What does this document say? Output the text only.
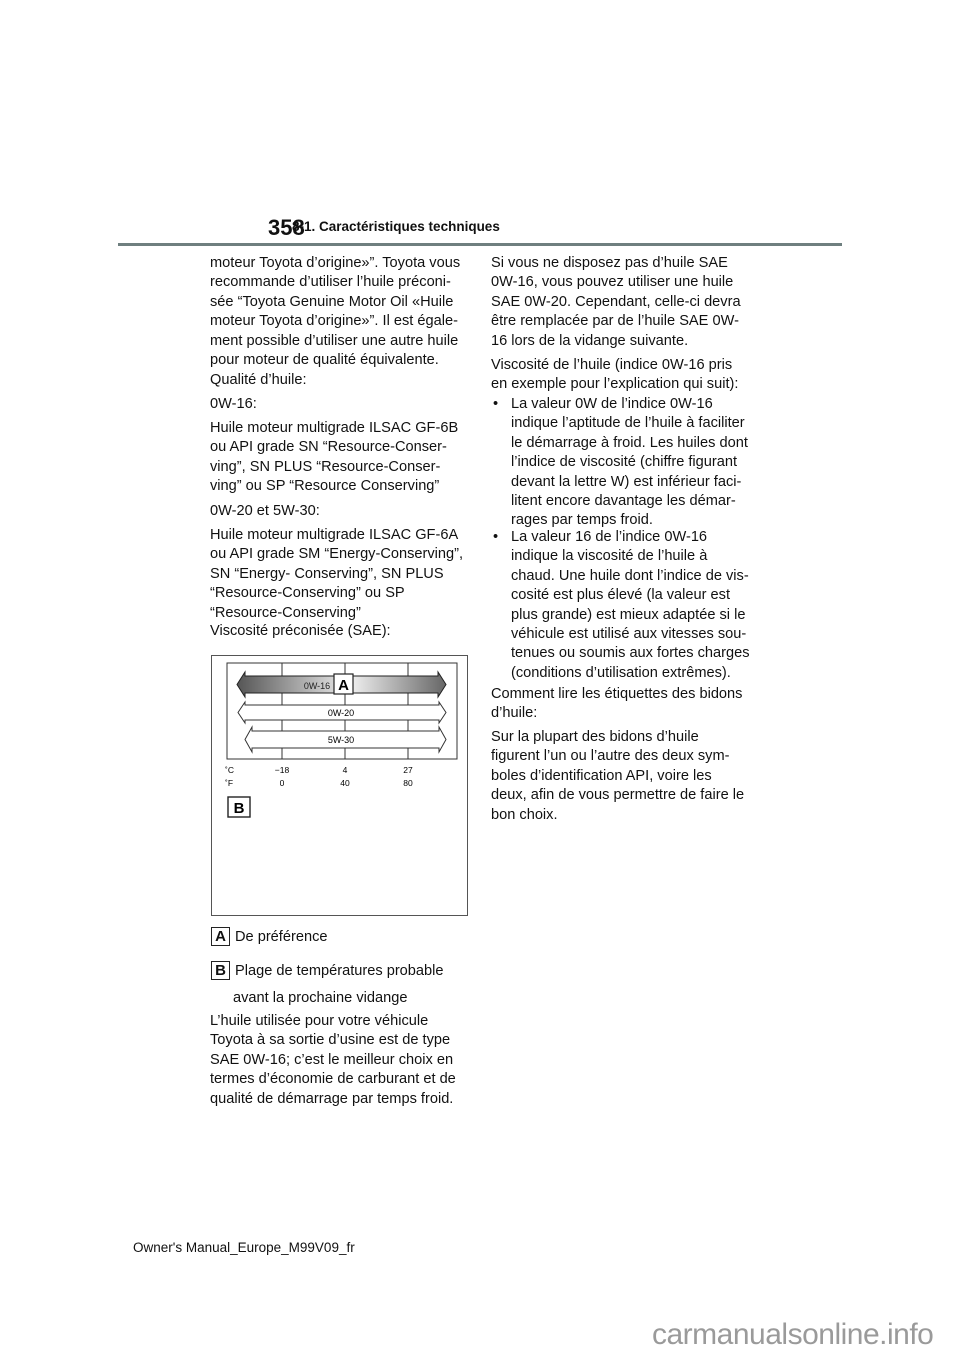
358
8-1. Caractéristiques techniques
moteur Toyota d’origine»”. Toyota vous
recommande d’utiliser l’huile préconi-
sée “Toyota Genuine Motor Oil «Huile
moteur Toyota d’origine»”. Il est égale-
ment possible d’utiliser une autre huile
pour moteur de qualité équivalente.
Qualité d’huile:
0W-16:
Huile moteur multigrade ILSAC GF-6B
ou API grade SN “Resource-Conser-
ving”, SN PLUS “Resource-Conser-
ving” ou SP “Resource Conserving”
0W-20 et 5W-30:
Huile moteur multigrade ILSAC GF-6A
ou API grade SM “Energy-Conserving”,
SN “Energy- Conserving”, SN PLUS
“Resource-Conserving” ou SP
“Resource-Conserving”
Viscosité préconisée (SAE):
0W-16 A
0W-20
5W-30
˚C	−18	4	27
˚F	0	40	80
B
A De préférence
B Plage de températures probable
avant la prochaine vidange
L’huile utilisée pour votre véhicule
Toyota à sa sortie d’usine est de type
SAE 0W-16; c’est le meilleur choix en
termes d’économie de carburant et de
qualité de démarrage par temps froid.
Si vous ne disposez pas d’huile SAE
0W-16, vous pouvez utiliser une huile
SAE 0W-20. Cependant, celle-ci devra
être remplacée par de l’huile SAE 0W-
16 lors de la vidange suivante.
Viscosité de l’huile (indice 0W-16 pris
en exemple pour l’explication qui suit):
• La valeur 0W de l’indice 0W-16
indique l’aptitude de l’huile à faciliter
le démarrage à froid. Les huiles dont
l’indice de viscosité (chiffre figurant
devant la lettre W) est inférieur faci-
litent encore davantage les démar-
rages par temps froid.
• La valeur 16 de l’indice 0W-16
indique la viscosité de l’huile à
chaud. Une huile dont l’indice de vis-
cosité est plus élevé (la valeur est
plus grande) est mieux adaptée si le
véhicule est utilisé aux vitesses sou-
tenues ou soumis aux fortes charges
(conditions d’utilisation extrêmes).
Comment lire les étiquettes des bidons
d’huile:
Sur la plupart des bidons d’huile
figurent l’un ou l’autre des deux sym-
boles d’identification API, voire les
deux, afin de vous permettre de faire le
bon choix.
Owner's Manual_Europe_M99V09_fr
carmanualsonline.info
